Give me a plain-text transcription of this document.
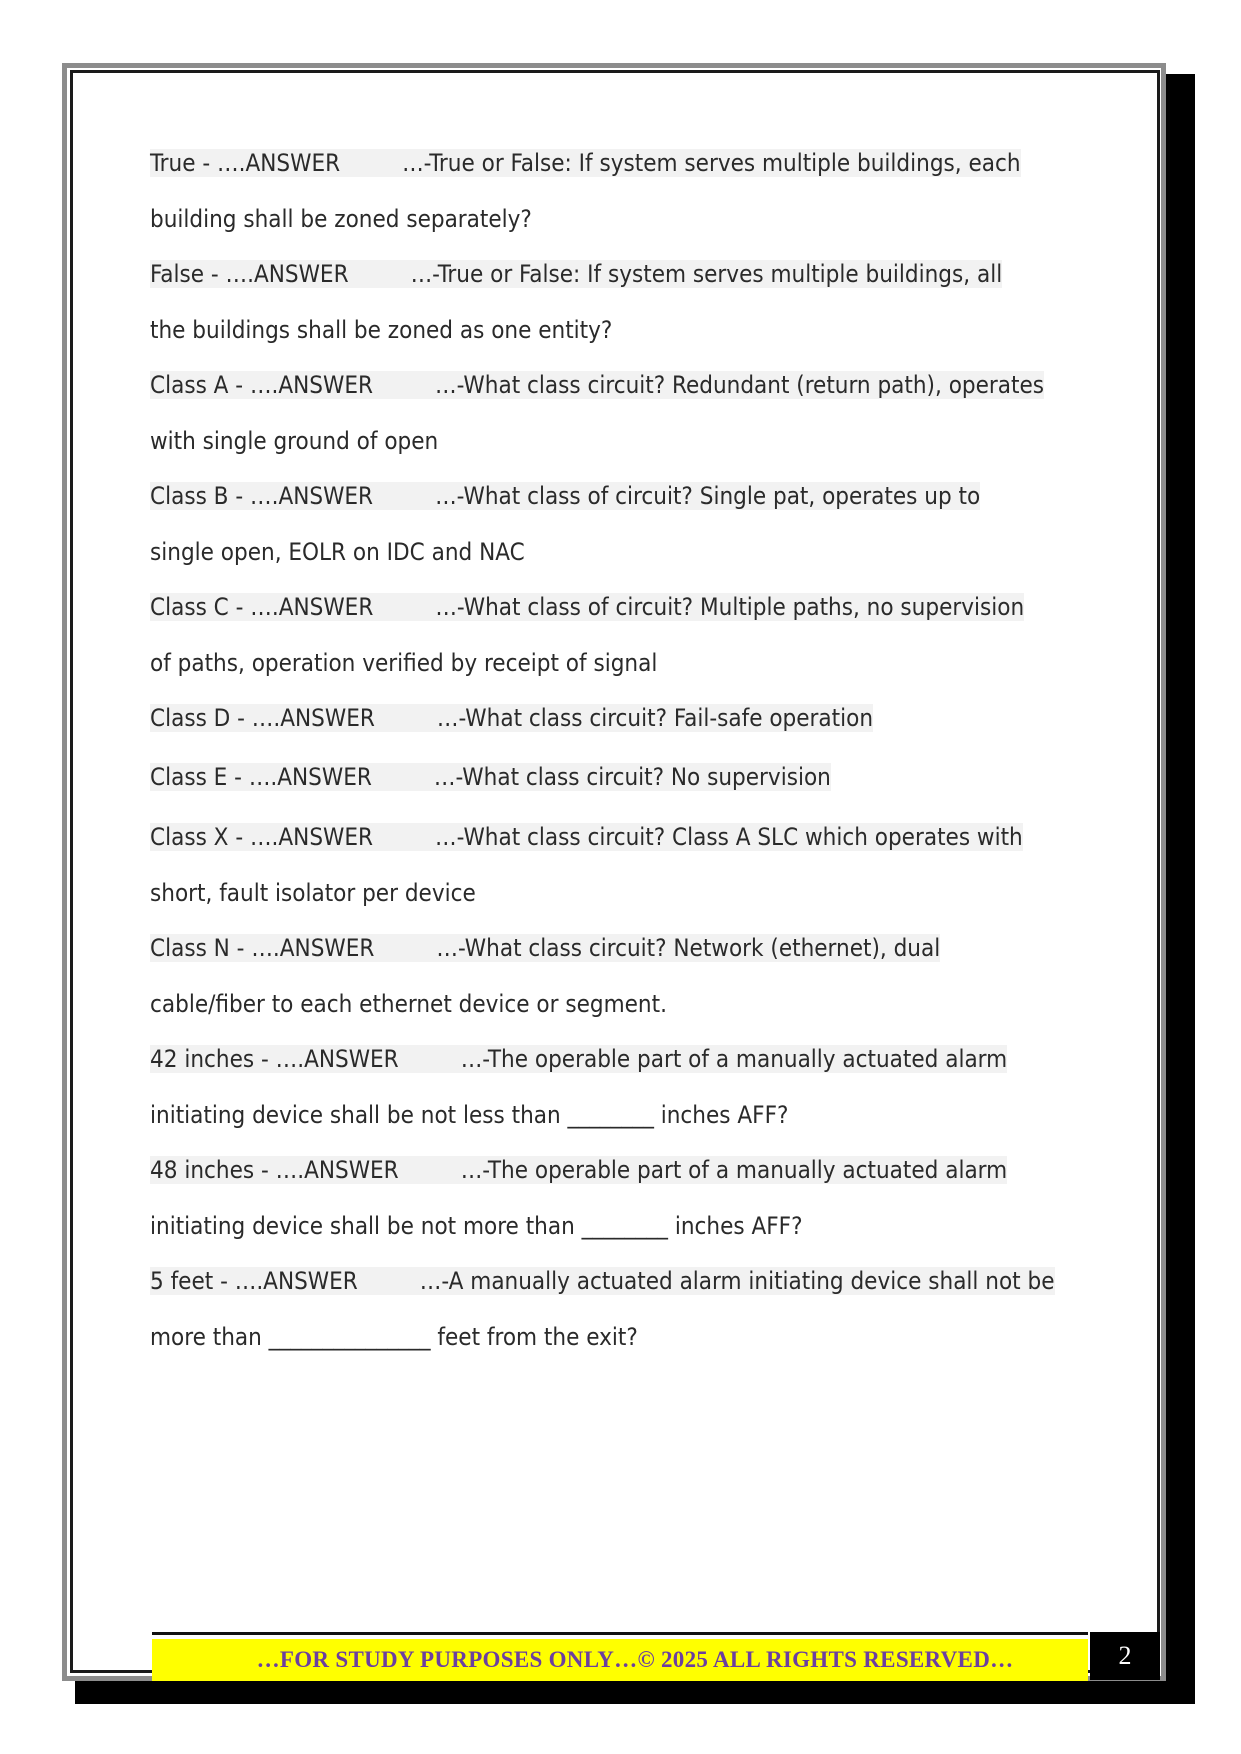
True - ….ANSWER	…-True or False: If system serves multiple buildings, each
building shall be zoned separately?
False - ….ANSWER	…-True or False: If system serves multiple buildings, all
the buildings shall be zoned as one entity?
Class A - ….ANSWER	…-What class circuit? Redundant (return path), operates
with single ground of open
Class B - ….ANSWER	…-What class of circuit? Single pat, operates up to
single open, EOLR on IDC and NAC
Class C - ….ANSWER	…-What class of circuit? Multiple paths, no supervision
of paths, operation verified by receipt of signal
Class D - ….ANSWER	…-What class circuit? Fail-safe operation
Class E - ….ANSWER	…-What class circuit? No supervision
Class X - ….ANSWER	…-What class circuit? Class A SLC which operates with
short, fault isolator per device
Class N - ….ANSWER	…-What class circuit? Network (ethernet), dual
cable/fiber to each ethernet device or segment.
42 inches - ….ANSWER	…-The operable part of a manually actuated alarm
initiating device shall be not less than ________ inches AFF?
48 inches - ….ANSWER	…-The operable part of a manually actuated alarm
initiating device shall be not more than ________ inches AFF?
5 feet - ….ANSWER	…-A manually actuated alarm initiating device shall not be
more than _______________ feet from the exit?
…FOR STUDY PURPOSES ONLY…© 2025 ALL RIGHTS RESERVED…	2
